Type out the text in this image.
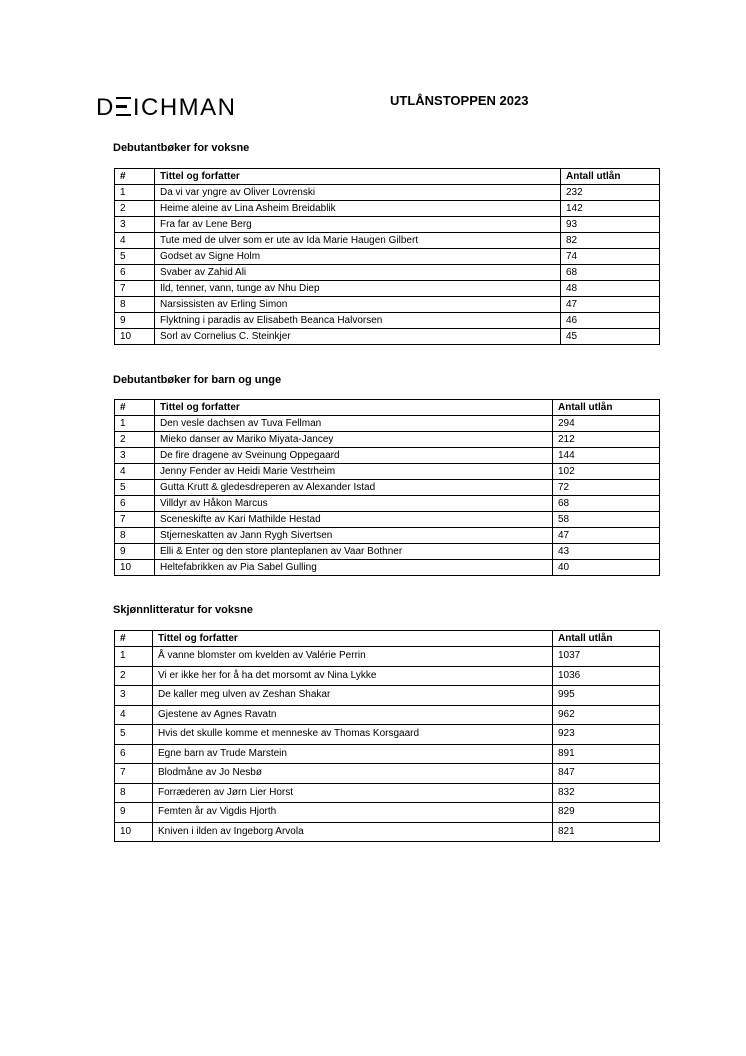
D ICHMAN	UTLÅNSTOPPEN 2023
Debutantbøker for voksne
#	Tittel og forfatter	Antall utlån
1	Da vi var yngre av Oliver Lovrenski	232
2	Heime aleine av Lina Asheim Breidablik	142
3	Fra far av Lene Berg	93
4	Tute med de ulver som er ute av Ida Marie Haugen Gilbert	82
5	Godset av Signe Holm	74
6	Svaber av Zahid Ali	68
7	Ild, tenner, vann, tunge av Nhu Diep	48
8	Narsissisten av Erling Simon	47
9	Flyktning i paradis av Elisabeth Beanca Halvorsen	46
10	Sorl av Cornelius C. Steinkjer	45
Debutantbøker for barn og unge
#	Tittel og forfatter	Antall utlån
1	Den vesle dachsen av Tuva Fellman	294
2	Mieko danser av Mariko Miyata-Jancey	212
3	De fire dragene av Sveinung Oppegaard	144
4	Jenny Fender av Heidi Marie Vestrheim	102
5	Gutta Krutt & gledesdreperen av Alexander Istad	72
6	Villdyr av Håkon Marcus	68
7	Sceneskifte av Kari Mathilde Hestad	58
8	Stjerneskatten av Jann Rygh Sivertsen	47
9	Elli & Enter og den store planteplanen av Vaar Bothner	43
10	Heltefabrikken av Pia Sabel Gulling	40
Skjønnlitteratur for voksne
#	Tittel og forfatter	Antall utlån
1	Å vanne blomster om kvelden av Valérie Perrin	1037
2	Vi er ikke her for å ha det morsomt av Nina Lykke	1036
3	De kaller meg ulven av Zeshan Shakar	995
4	Gjestene av Agnes Ravatn	962
5	Hvis det skulle komme et menneske av Thomas Korsgaard	923
6	Egne barn av Trude Marstein	891
7	Blodmåne av Jo Nesbø	847
8	Forræderen av Jørn Lier Horst	832
9	Femten år av Vigdis Hjorth	829
10	Kniven i ilden av Ingeborg Arvola	821
